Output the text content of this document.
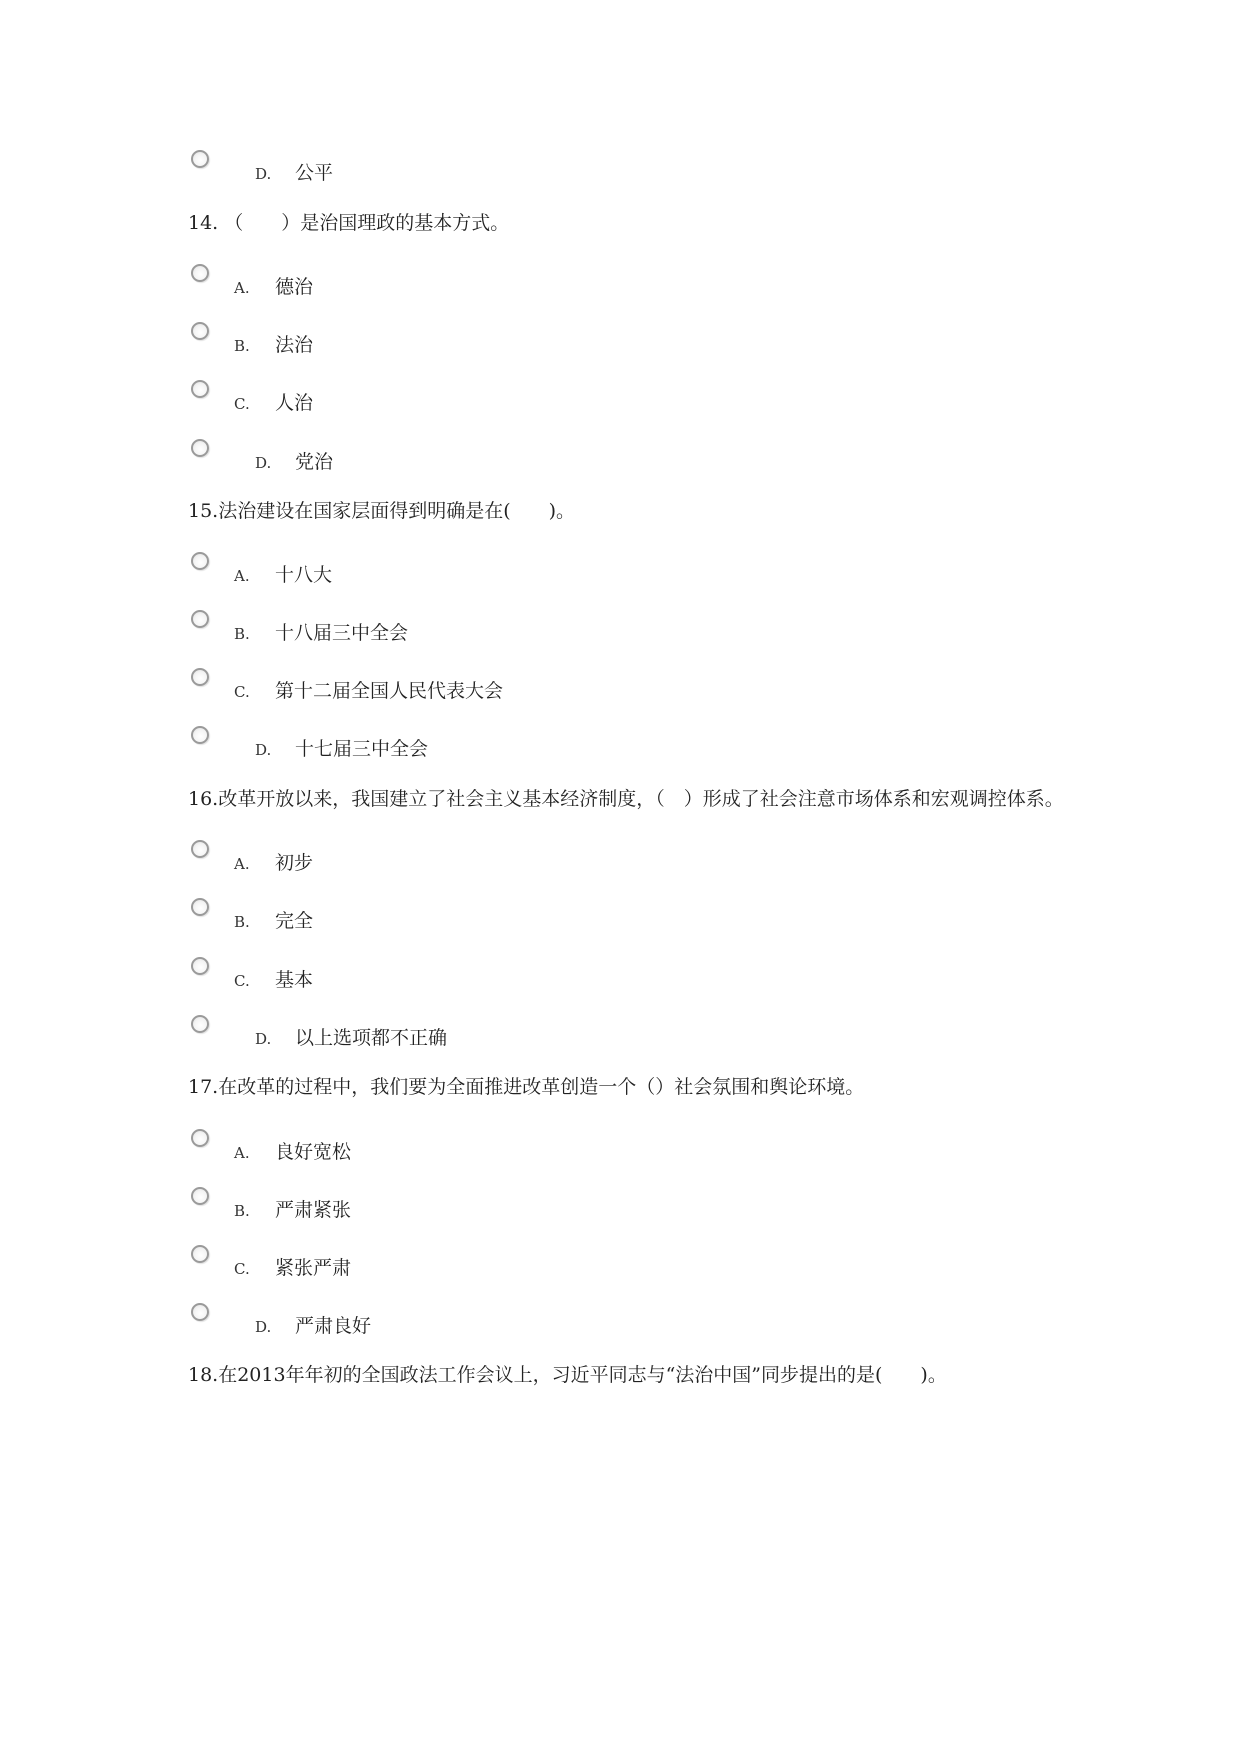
D. 公平
14. （　　）是治国理政的基本方式。
A. 德治
B. 法治
C. 人治
D. 党治
15.法治建设在国家层面得到明确是在(　　)。
A. 十八大
B. 十八届三中全会
C. 第十二届全国人民代表大会
D. 十七届三中全会
16.改革开放以来，我国建立了社会主义基本经济制度，（　）形成了社会注意市场体系和宏观调控体系。
A. 初步
B. 完全
C. 基本
D. 以上选项都不正确
17.在改革的过程中，我们要为全面推进改革创造一个（）社会氛围和舆论环境。
A. 良好宽松
B. 严肃紧张
C. 紧张严肃
D. 严肃良好
18.在2013年年初的全国政法工作会议上，习近平同志与“法治中国”同步提出的是(　　)。
